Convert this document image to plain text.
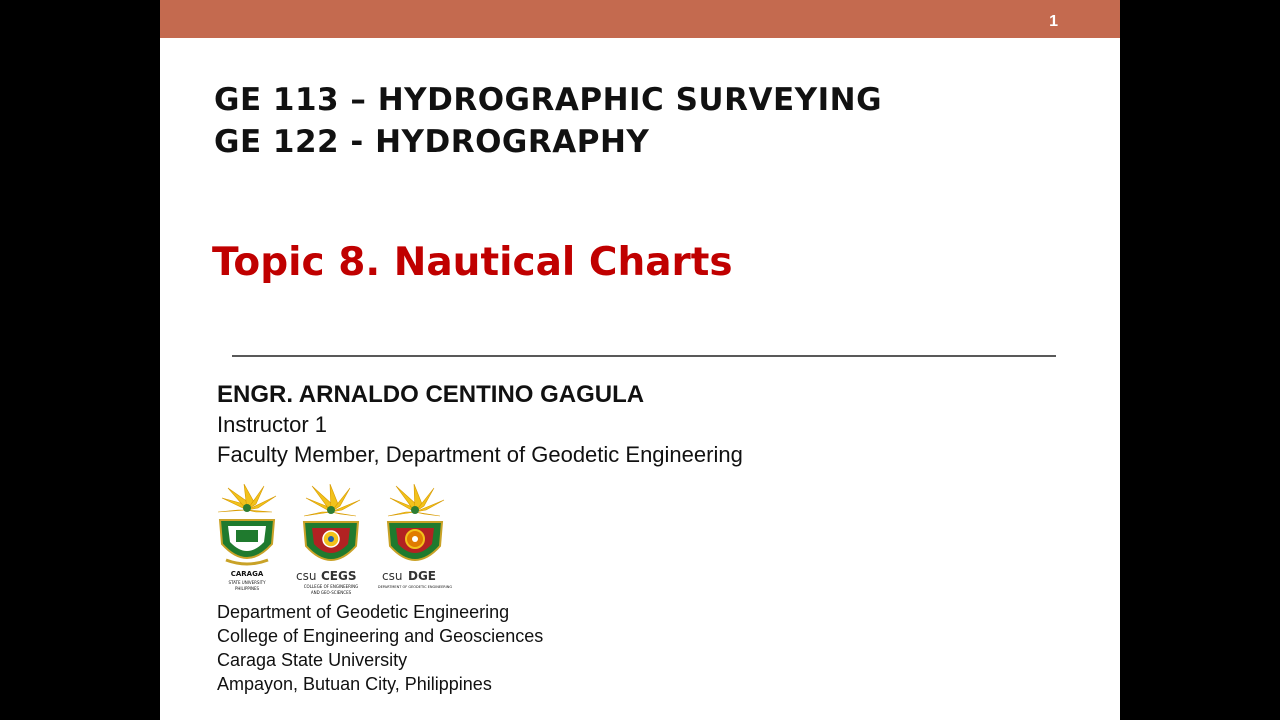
1
GE 113 – HYDROGRAPHIC SURVEYING
GE 122 - HYDROGRAPHY
Topic 8. Nautical Charts
ENGR. ARNALDO CENTINO GAGULA
Instructor 1
Faculty Member, Department of Geodetic Engineering
CARAGA
STATE UNIVERSITY
PHILIPPINES
csu CEGS
COLLEGE OF ENGINEERING
AND GEO-SCIENCES
csu DGE
DEPARTMENT OF GEODETIC ENGINEERING
Department of Geodetic Engineering
College of Engineering and Geosciences
Caraga State University
Ampayon, Butuan City, Philippines
